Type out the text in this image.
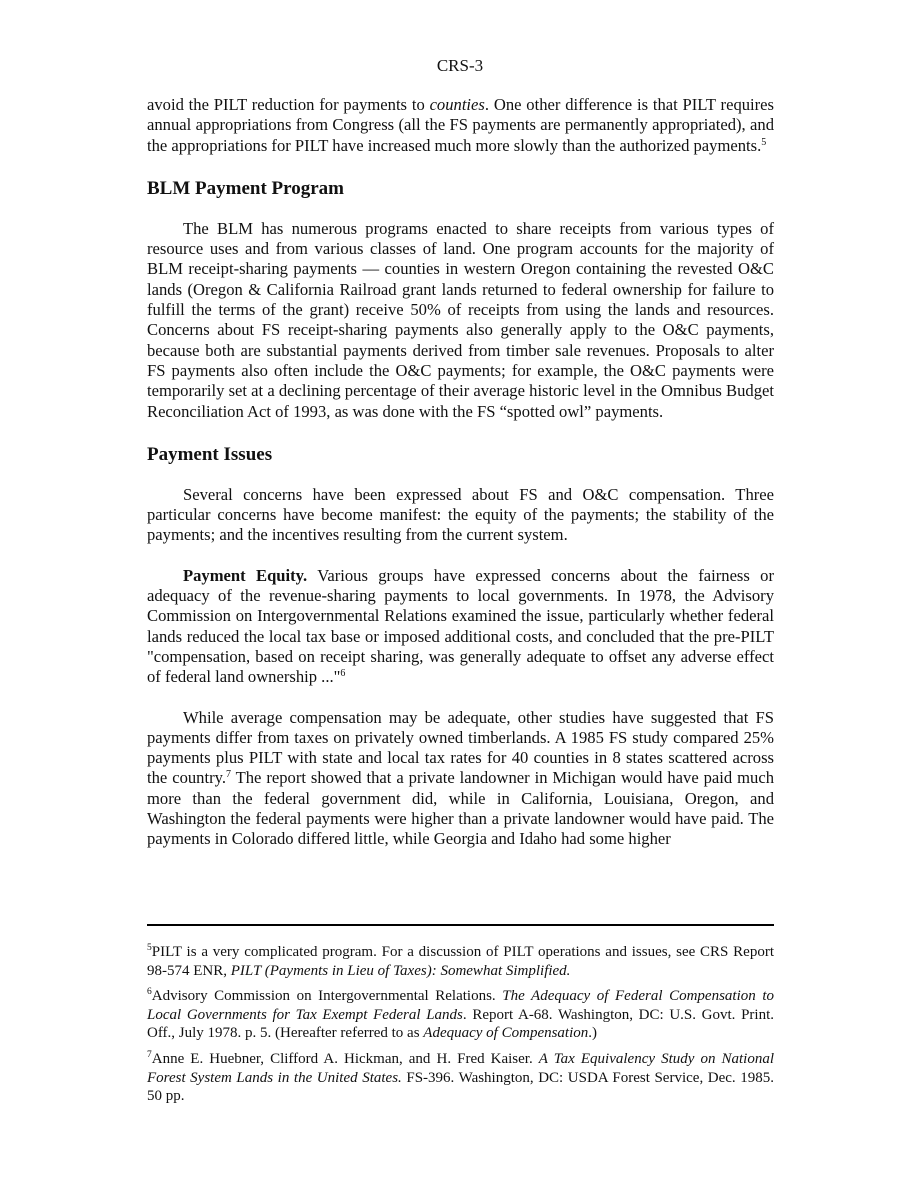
CRS-3

avoid the PILT reduction for payments to counties. One other difference is that PILT requires annual appropriations from Congress (all the FS payments are permanently appropriated), and the appropriations for PILT have increased much more slowly than the authorized payments.$^5$

BLM Payment Program

The BLM has numerous programs enacted to share receipts from various types of resource uses and from various classes of land. One program accounts for the majority of BLM receipt-sharing payments — counties in western Oregon containing the revested O&C lands (Oregon & California Railroad grant lands returned to federal ownership for failure to fulfill the terms of the grant) receive 50% of receipts from using the lands and resources. Concerns about FS receipt-sharing payments also generally apply to the O&C payments, because both are substantial payments derived from timber sale revenues. Proposals to alter FS payments also often include the O&C payments; for example, the O&C payments were temporarily set at a declining percentage of their average historic level in the Omnibus Budget Reconciliation Act of 1993, as was done with the FS “spotted owl” payments.

Payment Issues

Several concerns have been expressed about FS and O&C compensation. Three particular concerns have become manifest: the equity of the payments; the stability of the payments; and the incentives resulting from the current system.

Payment Equity. Various groups have expressed concerns about the fairness or adequacy of the revenue-sharing payments to local governments. In 1978, the Advisory Commission on Intergovernmental Relations examined the issue, particularly whether federal lands reduced the local tax base or imposed additional costs, and concluded that the pre-PILT "compensation, based on receipt sharing, was generally adequate to offset any adverse effect of federal land ownership ..."$^6$

While average compensation may be adequate, other studies have suggested that FS payments differ from taxes on privately owned timberlands. A 1985 FS study compared 25% payments plus PILT with state and local tax rates for 40 counties in 8 states scattered across the country.$^7$ The report showed that a private landowner in Michigan would have paid much more than the federal government did, while in California, Louisiana, Oregon, and Washington the federal payments were higher than a private landowner would have paid. The payments in Colorado differed little, while Georgia and Idaho had some higher

$^5$PILT is a very complicated program. For a discussion of PILT operations and issues, see CRS Report 98-574 ENR, PILT (Payments in Lieu of Taxes): Somewhat Simplified.

$^6$Advisory Commission on Intergovernmental Relations. The Adequacy of Federal Compensation to Local Governments for Tax Exempt Federal Lands. Report A-68. Washington, DC: U.S. Govt. Print. Off., July 1978. p. 5. (Hereafter referred to as Adequacy of Compensation.)

$^7$Anne E. Huebner, Clifford A. Hickman, and H. Fred Kaiser. A Tax Equivalency Study on National Forest System Lands in the United States. FS-396. Washington, DC: USDA Forest Service, Dec. 1985. 50 pp.
